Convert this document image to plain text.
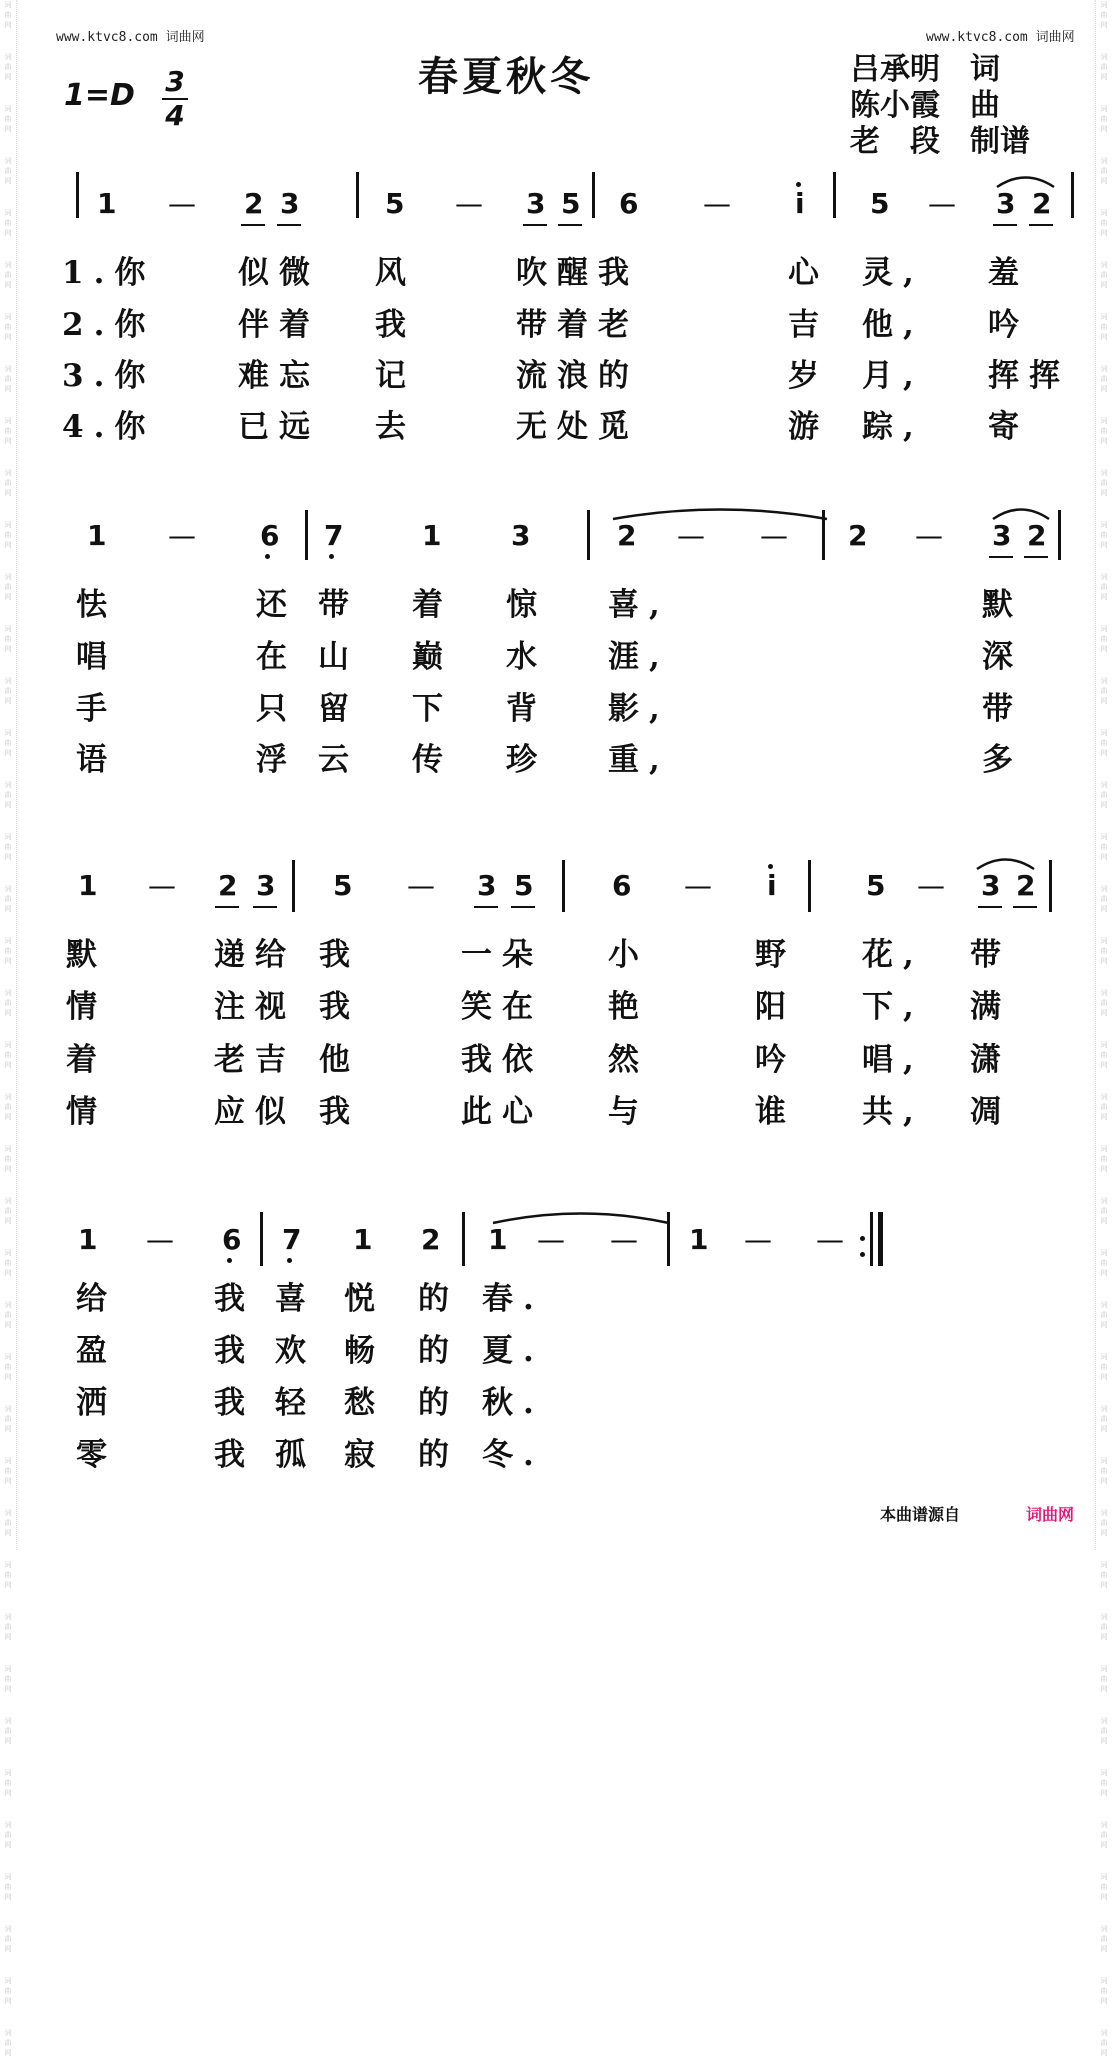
词
曲
网
词
曲
网
词
曲
网
词
曲
网
词
曲
网
词
曲
网
词
曲
网
词
曲
网
词
曲
网
词
曲
网
词
曲
网
词
曲
网
词
曲
网
词
曲
网
词
曲
网
词
曲
网
词
曲
网
词
曲
网
词
曲
网
词
曲
网
词
曲
网
词
曲
网
词
曲
网
词
曲
网
词
曲
网
词
曲
网
词
曲
网
词
曲
网
词
曲
网
词
曲
网
词
曲
网
词
曲
网
词
曲
网
词
曲
网
词
曲
网
词
曲
网
词
曲
网
词
曲
网
词
曲
网
词
曲
网
词
曲
网
词
曲
网
词
曲
网
词
曲
网
词
曲
网
词
曲
网
词
曲
网
词
曲
网
词
曲
网
词
曲
网
词
曲
网
词
曲
网
词
曲
网
词
曲
网
词
曲
网
词
曲
网
词
曲
网
词
曲
网
词
曲
网
词
曲
网
词
曲
网
词
曲
网
词
曲
网
词
曲
网
词
曲
网
词
曲
网
词
曲
网
词
曲
网
词
曲
网
词
曲
网
词
曲
网
词
曲
网
词
曲
网
词
曲
网
词
曲
网
词
曲
网
词
曲
网
词
曲
网
词
曲
网
词
曲
网
www.ktvc8.com 词曲网	www.ktvc8.com 词曲网
春夏秋冬
1=D 3
4
吕承明　词
陈小霞　曲
老　段　制谱
1 — 2 3	5 — 3 5 6 — i 5 — 3 2
1.你	似微 风	吹醒我	心 灵, 羞
2.你	伴着 我	带着老	吉 他, 吟
3.你	难忘 记	流浪的	岁 月, 挥挥
4.你	已远 去	无处觅	游 踪, 寄
1 — 6 7	1 3	2 — — 2 — 3 2
怯	还 带 着 惊 喜,	默
唱	在 山 巅 水 涯,	深
手	只 留 下 背 影,	带
语	浮 云 传 珍 重,	多
1 — 2 3 5 — 3 5	6 — i	5 — 3 2
默	递给 我	一朵 小	野 花, 带
情	注视 我	笑在 艳	阳 下, 满
着	老吉 他	我依 然	吟 唱, 潇
情	应似 我	此心 与	谁 共, 凋
1 — 6 7 1 2 1 — — 1 — —
给	我 喜 悦 的 春.
盈	我 欢 畅 的 夏.
洒	我 轻 愁 的 秋.
零	我 孤 寂 的 冬.
本曲谱源自	词曲网
